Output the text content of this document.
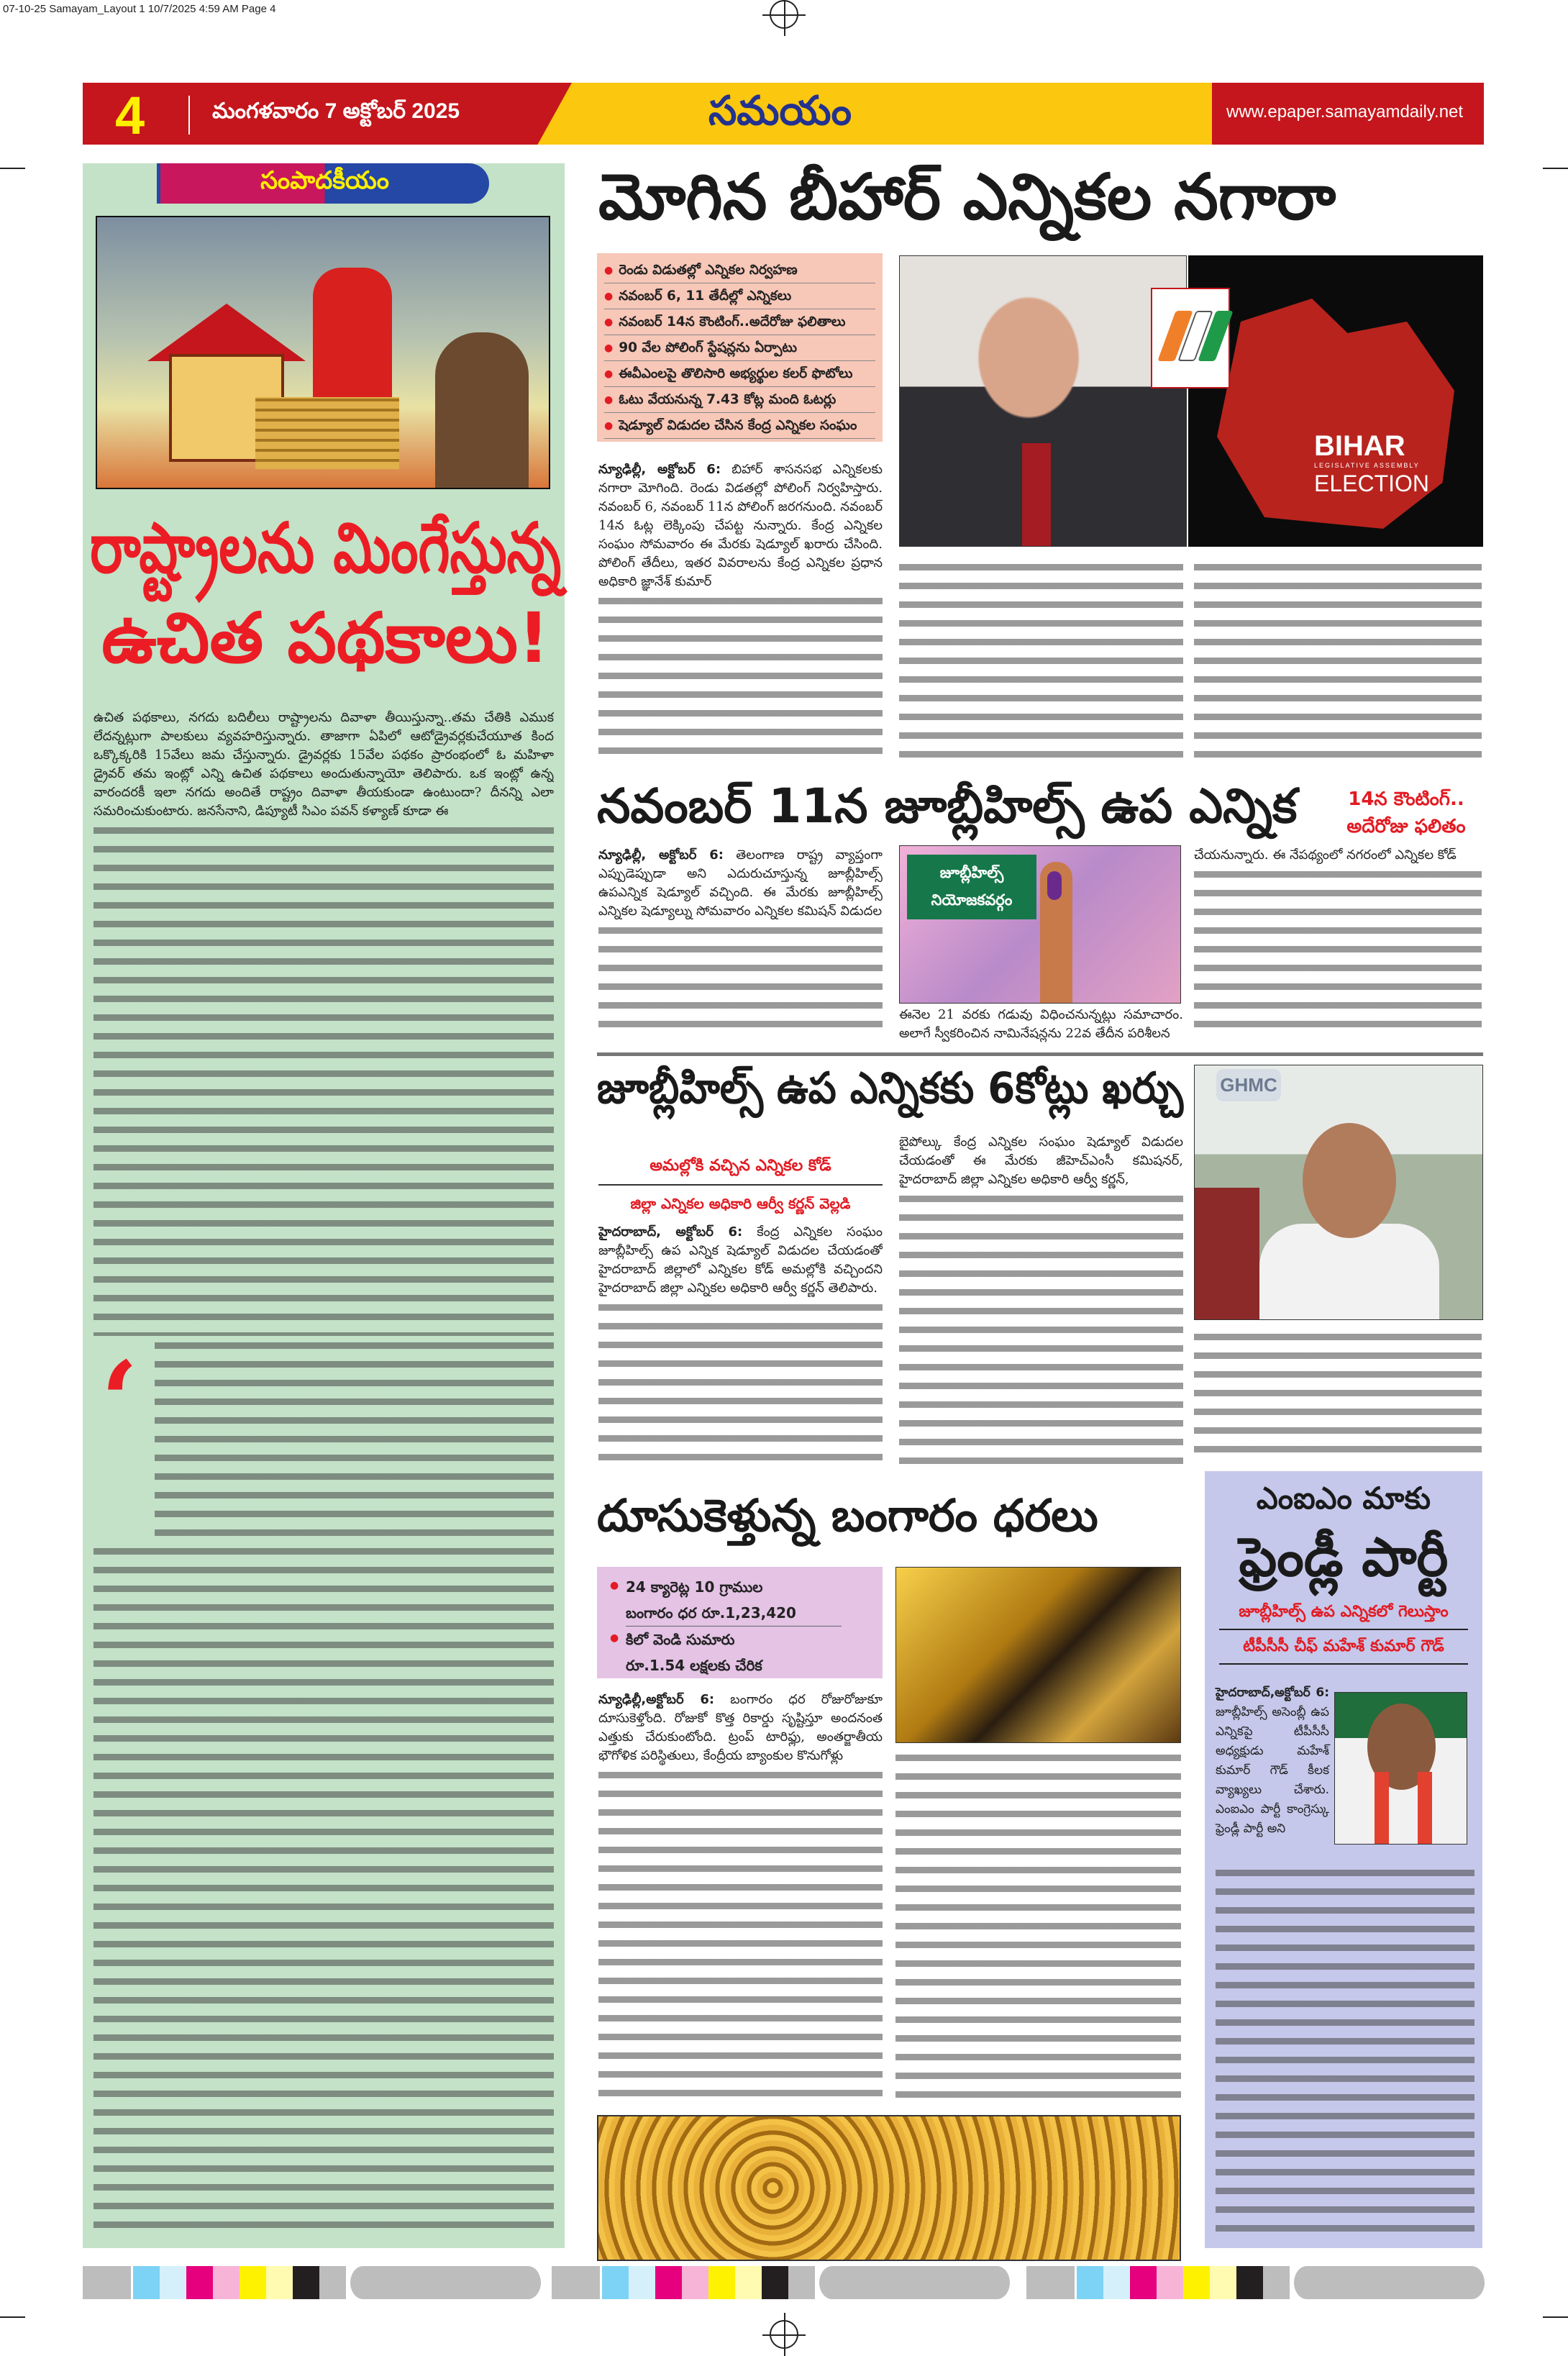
07-10-25 Samayam_Layout 1 10/7/2025 4:59 AM Page 4
4	మంగళవారం 7 అక్టోబర్ 2025	సమయం	www.epaper.samayamdaily.net
సంపాదకీయం
రాష్ట్రాలను మింగేస్తున్న
ఉచిత పథకాలు!
ఉచిత పథకాలు, నగదు బదిలీలు రాష్ట్రాలను దివాళా తీయిస్తున్నా..తమ చేతికి ఎముక లేదన్నట్లుగా పాలకులు వ్యవహరిస్తున్నారు. తాజాగా ఏపిలో ఆటోడ్రైవర్లకుచేయూత కింద ఒక్కొక్కరికి 15వేలు జమ చేస్తున్నారు. డ్రైవర్లకు 15వేల పథకం ప్రారంభంలో ఓ మహిళా డ్రైవర్ తమ ఇంట్లో ఎన్ని ఉచిత పథకాలు అందుతున్నాయో తెలిపారు. ఒక ఇంట్లో ఉన్న వారందరకీ ఇలా నగదు అందితే రాష్ట్రం దివాళా తీయకుండా ఉంటుందా? దీనన్ని ఎలా సమరించుకుంటారు. జనసేనాని, డిప్యూటీ సిఎం పవన్ కళ్యాణ్ కూడా ఈ
‘
మోగిన బీహార్ ఎన్నికల నగారా
● రెండు విడుతల్లో ఎన్నికల నిర్వహణ
● నవంబర్ 6, 11 తేదీల్లో ఎన్నికలు
● నవంబర్ 14న కౌంటింగ్..అదేరోజు ఫలితాలు
● 90 వేల పోలింగ్ స్టేషన్లను ఏర్పాటు
● ఈవీఎంలపై తొలిసారి అభ్యర్థుల కలర్ ఫొటోలు
● ఓటు వేయనున్న 7.43 కోట్ల మంది ఓటర్లు
● షెడ్యూల్ విడుదల చేసిన కేంద్ర ఎన్నికల సంఘం
BIHAR
LEGISLATIVE ASSEMBLY
ELECTION
న్యూఢిల్లీ, అక్టోబర్ 6: బిహార్ శాసనసభ ఎన్నికలకు నగారా మోగింది. రెండు విడతల్లో పోలింగ్ నిర్వహిస్తారు. నవంబర్ 6, నవంబర్ 11న పోలింగ్ జరగనుంది. నవంబర్ 14న ఓట్ల లెక్కింపు చేపట్ట నున్నారు. కేంద్ర ఎన్నికల సంఘం సోమవారం ఈ మేరకు షెడ్యూల్ ఖరారు చేసింది. పోలింగ్ తేదీలు, ఇతర వివరాలను కేంద్ర ఎన్నికల ప్రధాన అధికారి జ్ఞానేశ్ కుమార్
నవంబర్ 11న జూబ్లీహిల్స్ ఉప ఎన్నిక	14న కౌంటింగ్..
అదేరోజు ఫలితం
న్యూఢిల్లీ, అక్టోబర్ 6: తెలంగాణ రాష్ట్ర వ్యాప్తంగా ఎప్పుడెప్పుడా అని ఎదురుచూస్తున్న జూబ్లీహిల్స్ ఉపఎన్నిక షెడ్యూల్ వచ్చింది. ఈ మేరకు జూబ్లీహిల్స్ ఎన్నికల షెడ్యూల్ను సోమవారం ఎన్నికల కమిషన్ విడుదల
జూబ్లీహిల్స్
నియోజకవర్గం
ఈనెల 21 వరకు గడువు విధించనున్నట్లు సమాచారం. అలాగే స్వీకరించిన నామినేషన్లను 22వ తేదీన పరిశీలన
చేయనున్నారు. ఈ నేపథ్యంలో నగరంలో ఎన్నికల కోడ్
జూబ్లీహిల్స్ ఉప ఎన్నికకు 6కోట్లు ఖర్చు GHMC
అమల్లోకి వచ్చిన ఎన్నికల కోడ్
జిల్లా ఎన్నికల అధికారి ఆర్వీ కర్ణన్ వెల్లడి
హైదరాబాద్, అక్టోబర్ 6: కేంద్ర ఎన్నికల సంఘం జూబ్లీహిల్స్ ఉప ఎన్నిక షెడ్యూల్ విడుదల చేయడంతో హైదరాబాద్ జిల్లాలో ఎన్నికల కోడ్ అమల్లోకి వచ్చిందని హైదరాబాద్ జిల్లా ఎన్నికల అధికారి ఆర్వీ కర్ణన్ తెలిపారు.
బైపోల్కు కేంద్ర ఎన్నికల సంఘం షెడ్యూల్ విడుదల చేయడంతో ఈ మేరకు జీహెచ్ఎంసీ కమిషనర్, హైదరాబాద్ జిల్లా ఎన్నికల అధికారి ఆర్వీ కర్ణన్,
దూసుకెళ్తున్న బంగారం ధరలు
● 24 క్యారెట్ల 10 గ్రాముల
బంగారం ధర రూ.1,23,420
● కిలో వెండి సుమారు
రూ.1.54 లక్షలకు చేరిక
న్యూఢిల్లీ,అక్టోబర్ 6: బంగారం ధర రోజురోజుకూ దూసుకెళ్తోంది. రోజుకో కొత్త రికార్డు సృష్టిస్తూ అందనంత ఎత్తుకు చేరుకుంటోంది. ట్రంప్ టారిఫ్లు, అంతర్జాతీయ భౌగోళిక పరిస్థితులు, కేంద్రీయ బ్యాంకుల కొనుగోళ్లు
ఎంఐఎం మాకు
ఫ్రెండ్లీ పార్టీ
జూబ్లీహిల్స్ ఉప ఎన్నికలో గెలుస్తాం
టీపీసీసీ చీఫ్ మహేశ్ కుమార్ గౌడ్
హైదరాబాద్,అక్టోబర్ 6: జూబ్లీహిల్స్ అసెంబ్లీ ఉప ఎన్నికపై టీపీసీసీ అధ్యక్షుడు మహేశ్ కుమార్ గౌడ్ కీలక వ్యాఖ్యలు చేశారు. ఎంఐఎం పార్టీ కాంగ్రెస్కు ఫ్రెండ్లీ పార్టీ అని
